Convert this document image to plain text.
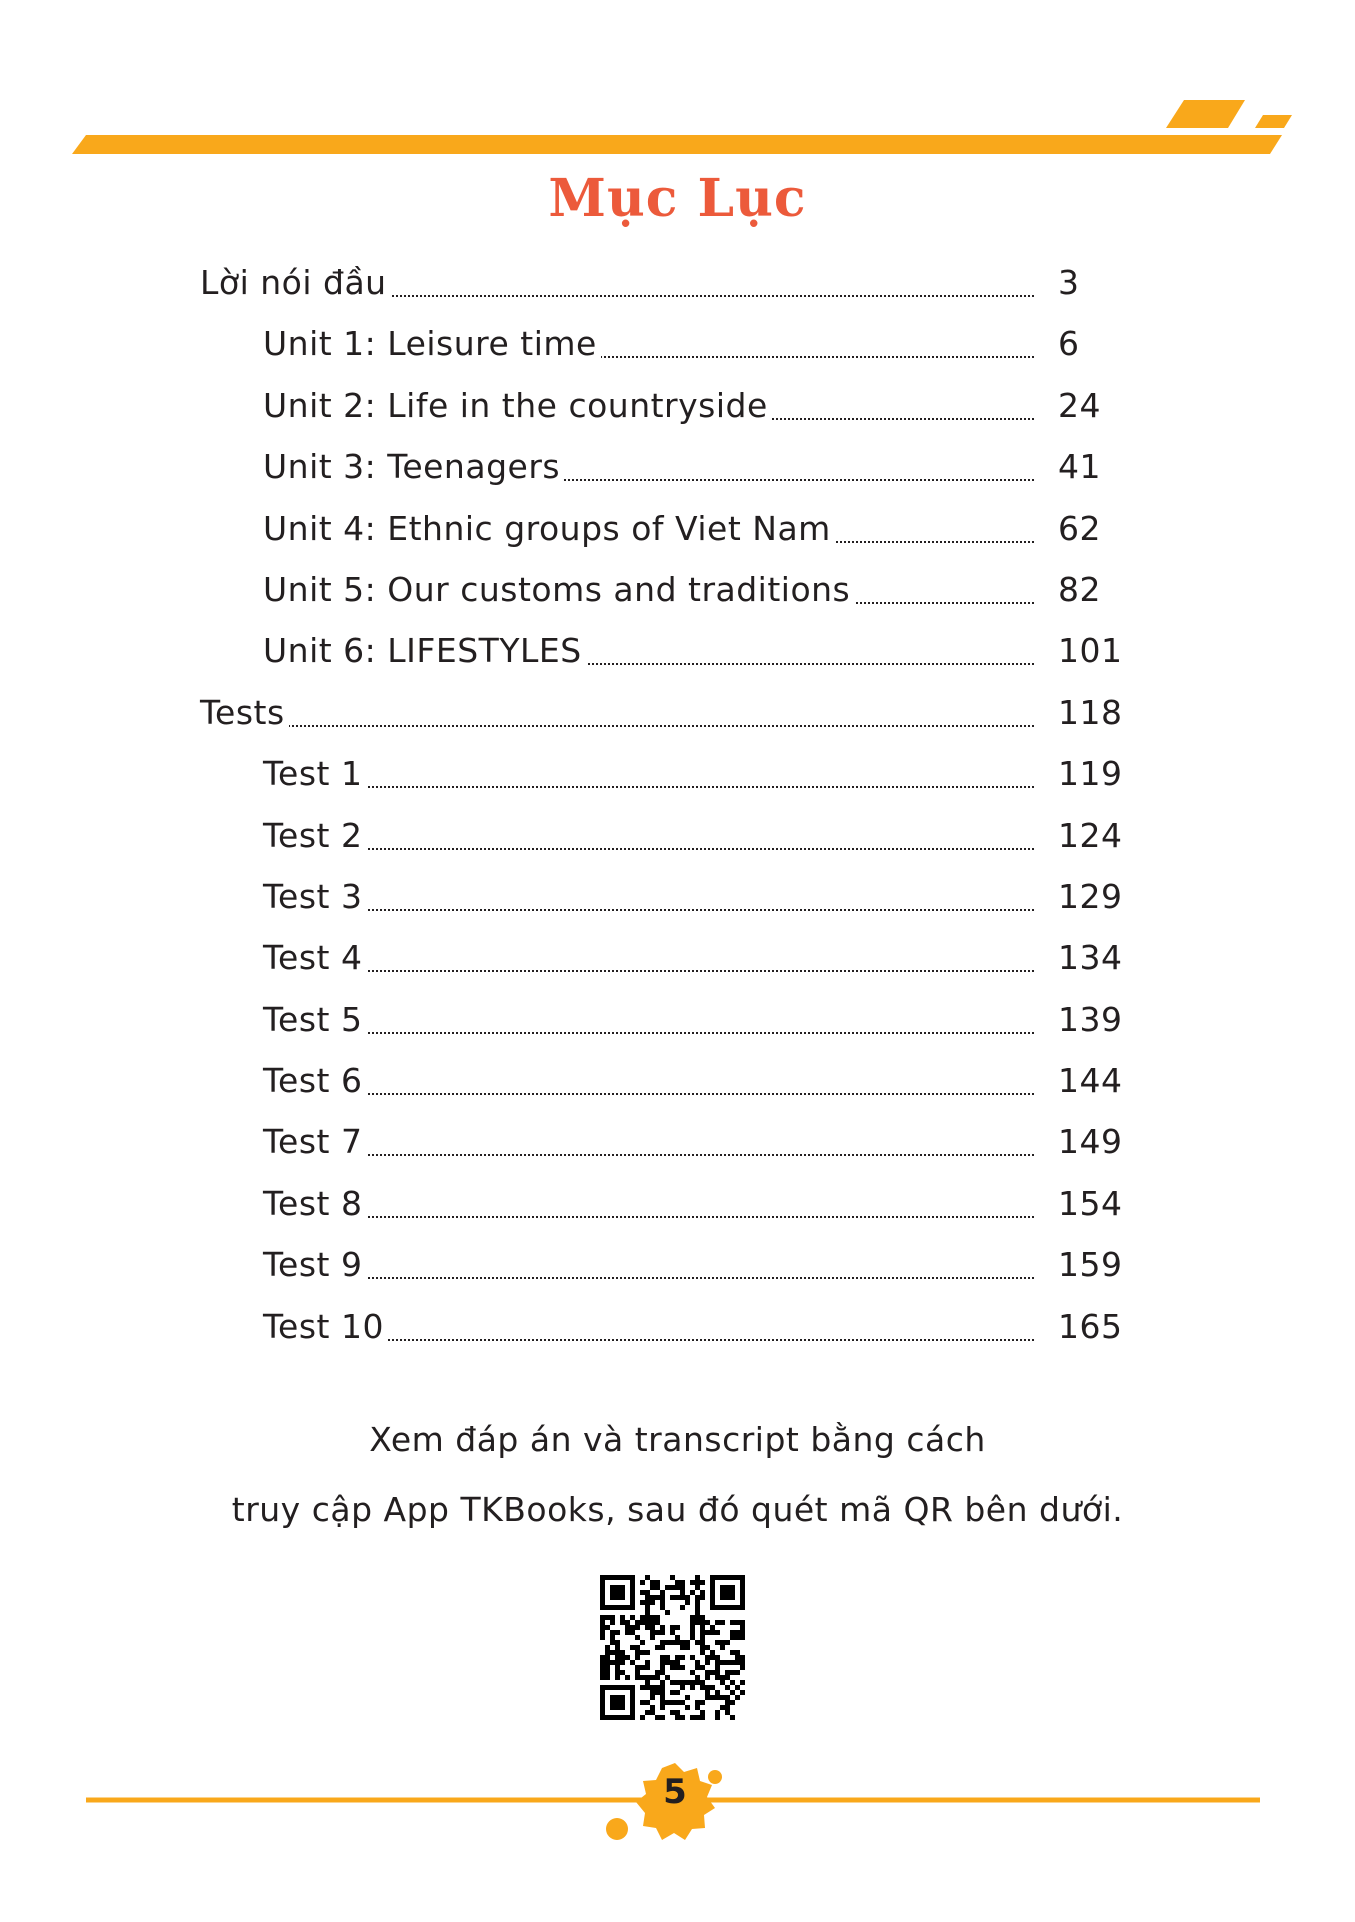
Mục Lục
Lời nói đầu	3
Unit 1: Leisure time	6
Unit 2: Life in the countryside	24
Unit 3: Teenagers	41
Unit 4: Ethnic groups of Viet Nam	62
Unit 5: Our customs and traditions	82
Unit 6: LIFESTYLES	101
Tests	118
Test 1	119
Test 2	124
Test 3	129
Test 4	134
Test 5	139
Test 6	144
Test 7	149
Test 8	154
Test 9	159
Test 10	165
Xem đáp án và transcript bằng cách
truy cập App TKBooks, sau đó quét mã QR bên dưới.
5
